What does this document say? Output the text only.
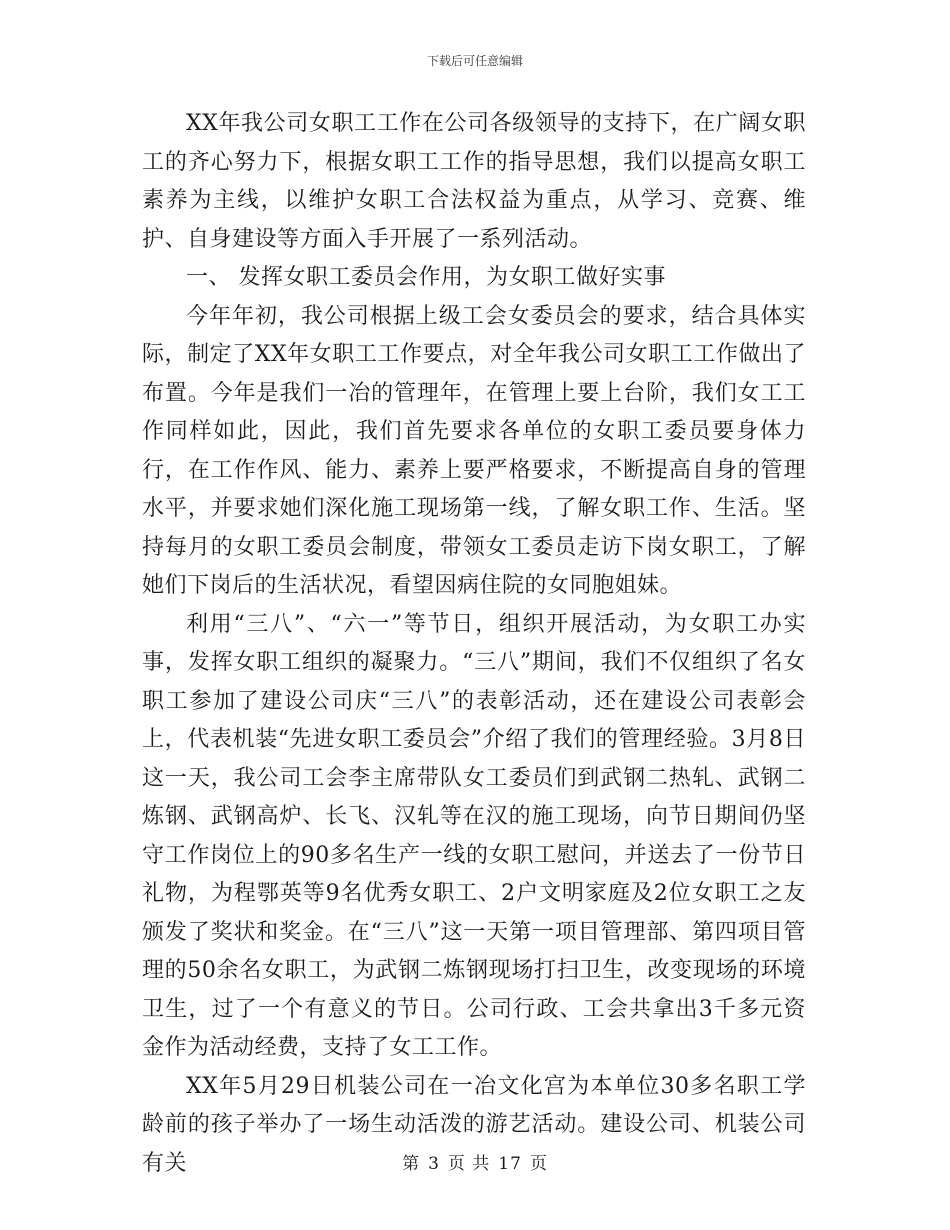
下载后可任意编辑

XX年我公司女职工工作在公司各级领导的支持下，在广阔女职工的齐心努力下，根据女职工工作的指导思想，我们以提高女职工素养为主线，以维护女职工合法权益为重点，从学习、竞赛、维护、自身建设等方面入手开展了一系列活动。

一、 发挥女职工委员会作用，为女职工做好实事

今年年初，我公司根据上级工会女委员会的要求，结合具体实际，制定了XX年女职工工作要点，对全年我公司女职工工作做出了布置。今年是我们一冶的管理年，在管理上要上台阶，我们女工工作同样如此，因此，我们首先要求各单位的女职工委员要身体力行，在工作作风、能力、素养上要严格要求，不断提高自身的管理水平，并要求她们深化施工现场第一线，了解女职工作、生活。坚持每月的女职工委员会制度，带领女工委员走访下岗女职工，了解她们下岗后的生活状况，看望因病住院的女同胞姐妹。

利用“三八”、“六一”等节日，组织开展活动，为女职工办实事，发挥女职工组织的凝聚力。“三八”期间，我们不仅组织了名女职工参加了建设公司庆“三八”的表彰活动，还在建设公司表彰会上，代表机装“先进女职工委员会”介绍了我们的管理经验。3月8日这一天，我公司工会李主席带队女工委员们到武钢二热轧、武钢二炼钢、武钢高炉、长飞、汉轧等在汉的施工现场，向节日期间仍坚守工作岗位上的90多名生产一线的女职工慰问，并送去了一份节日礼物，为程鄂英等9名优秀女职工、2户文明家庭及2位女职工之友颁发了奖状和奖金。在“三八”这一天第一项目管理部、第四项目管理的50余名女职工，为武钢二炼钢现场打扫卫生，改变现场的环境卫生，过了一个有意义的节日。公司行政、工会共拿出3千多元资金作为活动经费，支持了女工工作。

XX年5月29日机装公司在一冶文化宫为本单位30多名职工学龄前的孩子举办了一场生动活泼的游艺活动。建设公司、机装公司有关	第 3 页 共 17 页
